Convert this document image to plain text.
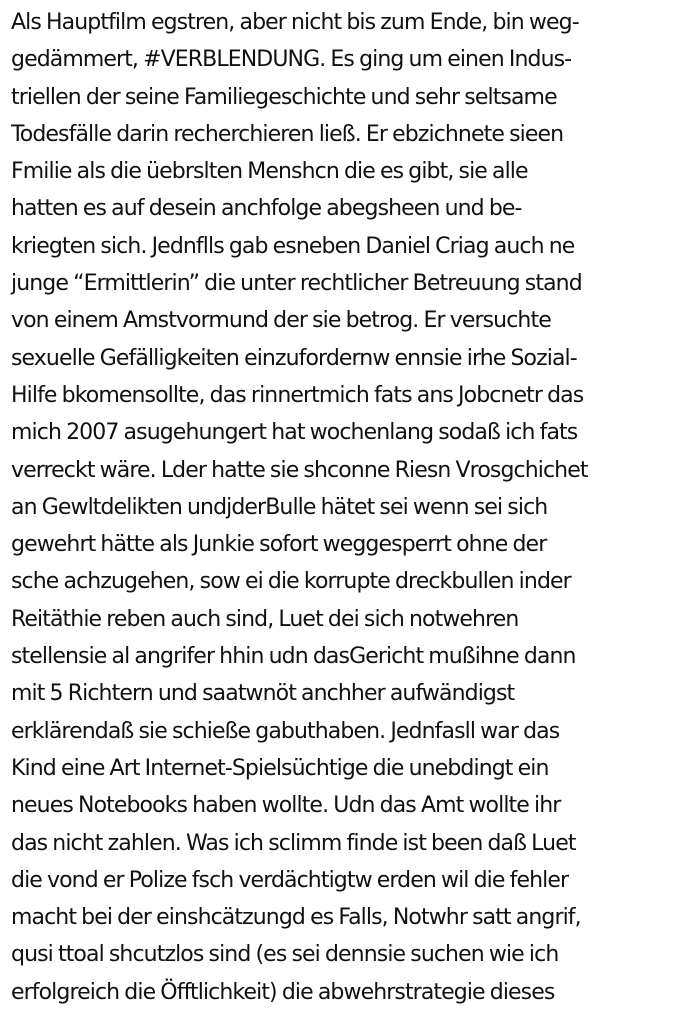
Als Hauptfilm egstren, aber nicht bis zum Ende, bin weg-
gedämmert, #VERBLENDUNG. Es ging um einen Indus-
triellen der seine Familiegeschichte und sehr seltsame
Todesfälle darin recherchieren ließ. Er ebzichnete sieen
Fmilie als die üebrslten Menshcn die es gibt, sie alle
hatten es auf desein anchfolge abegsheen und be-
kriegten sich. Jednflls gab esneben Daniel Criag auch ne
junge “Ermittlerin” die unter rechtlicher Betreuung stand
von einem Amstvormund der sie betrog. Er versuchte
sexuelle Gefälligkeiten einzufordernw ennsie irhe Sozial-
Hilfe bkomensollte, das rinnertmich fats ans Jobcnetr das
mich 2007 asugehungert hat wochenlang sodaß ich fats
verreckt wäre. Lder hatte sie shconne Riesn Vrosgchichet
an Gewltdelikten undjderBulle hätet sei wenn sei sich
gewehrt hätte als Junkie sofort weggesperrt ohne der
sche achzugehen, sow ei die korrupte dreckbullen inder
Reitäthie reben auch sind, Luet dei sich notwehren
stellensie al angrifer hhin udn dasGericht mußihne dann
mit 5 Richtern und saatwnöt anchher aufwändigst
erklärendaß sie schieße gabuthaben. Jednfasll war das
Kind eine Art Internet-Spielsüchtige die unebdingt ein
neues Notebooks haben wollte. Udn das Amt wollte ihr
das nicht zahlen. Was ich sclimm finde ist been daß Luet
die vond er Polize fsch verdächtigtw erden wil die fehler
macht bei der einshcätzungd es Falls, Notwhr satt angrif,
qusi ttoal shcutzlos sind (es sei dennsie suchen wie ich
erfolgreich die Öfftlichkeit) die abwehrstrategie dieses
